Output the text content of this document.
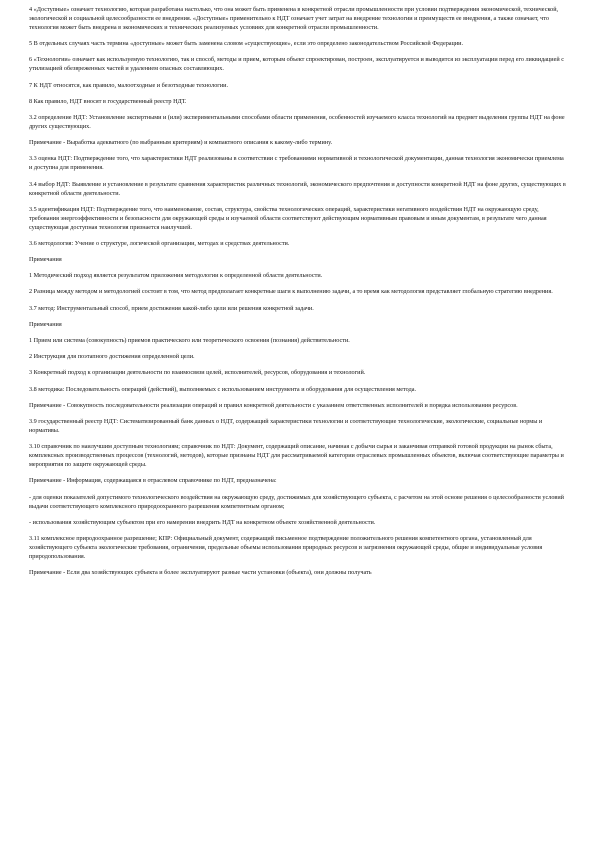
4 «Доступные» означает технологию, которая разработана настолько, что она может быть применена в конкретной отрасли промышленности при условии подтверждения экономической, технической, экологической и социальной целесообразности ее внедрения. «Доступные» применительно к НДТ означает учет затрат на внедрение технологии и преимуществ ее внедрения, а также означает, что технология может быть внедрена в экономических и технических реализуемых условиях для конкретной отрасли промышленности.

5 В отдельных случаях часть термина «доступные» может быть заменена словом «существующие», если это определено законодательством Российской Федерации.

6 «Технологии» означает как используемую технологию, так и способ, методы и прием, которым объект спроектирован, построен, эксплуатируется и выводится из эксплуатации перед его ликвидацией с утилизацией обезвреженных частей и удалением опасных составляющих.

7 К НДТ относятся, как правило, малоотходные и безотходные технологии.

8 Как правило, НДТ вносят в государственный реестр НДТ.

3.2 определение НДТ: Установление экспертными и (или) экспериментальными способами области применения, особенностей изучаемого класса технологий на предмет выделения группы НДТ на фоне других существующих.

Примечание - Выработка адекватного (по выбранным критериям) и компактного описания к какому-либо термину.

3.3 оценка НДТ: Подтверждение того, что характеристики НДТ реализованы в соответствии с требованиями нормативной и технологической документации, данная технология экономически приемлема и доступна для применения.

3.4 выбор НДТ: Выявление и установление в результате сравнения характеристик различных технологий, экономического предпочтения и доступности конкретной НДТ на фоне других, существующих в конкретной области деятельности.

3.5 идентификация НДТ: Подтверждение того, что наименование, состав, структура, свойства технологических операций, характеристики негативного воздействия НДТ на окружающую среду, требования энергоэффективности и безопасности для окружающей среды и изучаемой области соответствуют действующим нормативным правовым и иным документам, в результате чего данная существующая доступная технология признается наилучшей.

3.6 методология: Учение о структуре, логической организации, методах и средствах деятельности.

Примечания

1 Методический подход является результатом приложения методологии к определенной области деятельности.

2 Разница между методом и методологией состоит в том, что метод предполагает конкретные шаги к выполнению задачи, а то время как методология представляет глобальную стратегию внедрения.

3.7 метод: Инструментальный способ, прием достижения какой-либо цели или решения конкретной задачи.

Примечания

1 Прием или система (совокупность) приемов практического или теоретического освоения (познания) действительности.

2 Инструкция для поэтапного достижения определенной цели.

3 Конкретный подход к организации деятельности по взаимосвязи целей, исполнителей, ресурсов, оборудования и технологий.

3.8 методика: Последовательность операций (действий), выполняемых с использованием инструмента и оборудования для осуществления метода.

Примечание - Совокупность последовательности реализации операций и правил конкретной деятельности с указанием ответственных исполнителей и порядка использования ресурсов.

3.9 государственный реестр НДТ: Систематизированный банк данных о НДТ, содержащий характеристики технологии и соответствующие технологические, экологические, социальные нормы и нормативы.

3.10 справочник по наилучшим доступным технологиям; справочник по НДТ: Документ, содержащий описание, начиная с добычи сырья и заканчивая отправкой готовой продукции на рынок сбыта, комплексных производственных процессов (технологий, методов), которые признаны НДТ для рассматриваемой категории отраслевых промышленных объектов, включая соответствующие параметры и мероприятия по защите окружающей среды.

Примечание - Информация, содержащаяся в отраслевом справочнике по НДТ, предназначена:

- для оценки показателей допустимого технологического воздействия на окружающую среду, достижимых для хозяйствующего субъекта, с расчетом на этой основе решения о целесообразности условий выдачи соответствующего комплексного природоохранного разрешения компетентным органом;

- использования хозяйствующим субъектом при его намерении внедрить НДТ на конкретном объекте хозяйственной деятельности.

3.11 комплексное природоохранное разрешение; КПР: Официальный документ, содержащий письменное подтверждение положительного решения компетентного органа, установленный для хозяйствующего субъекта экологические требования, ограничения, предельные объемы использования природных ресурсов и загрязнения окружающей среды, общие и индивидуальные условия природопользования.

Примечание - Если два хозяйствующих субъекта и более эксплуатируют разные части установки (объекта), они должны получать
